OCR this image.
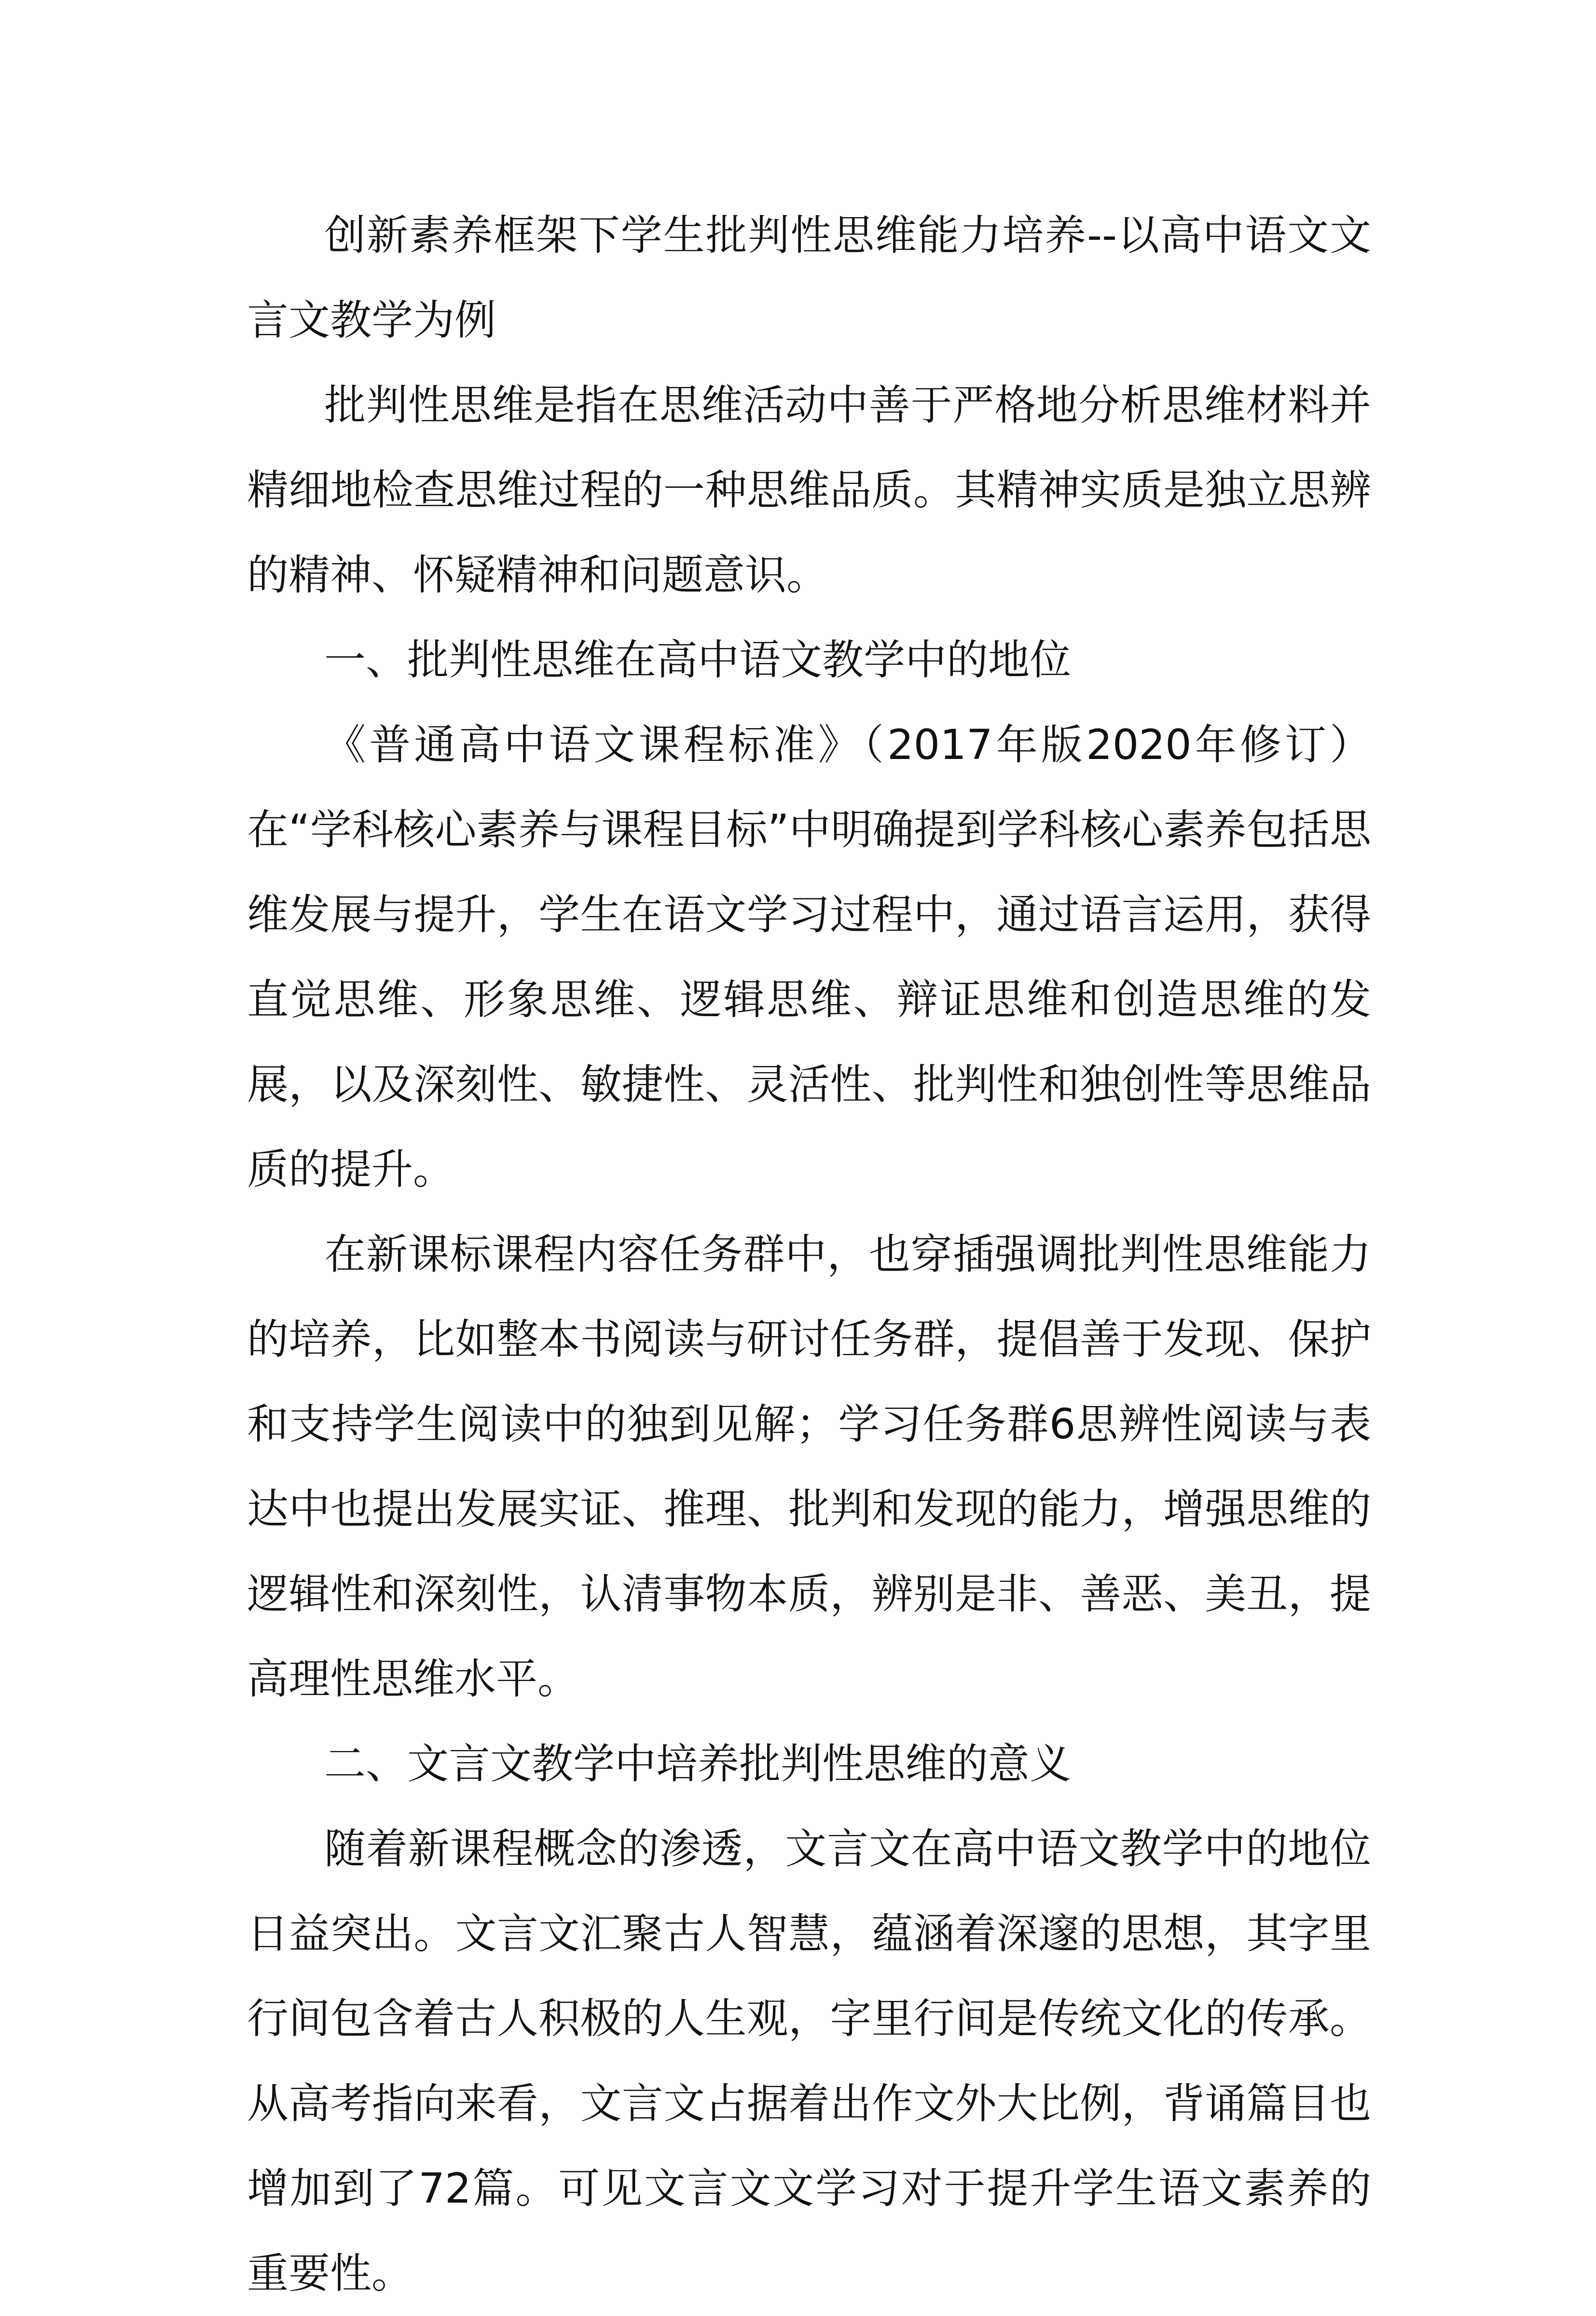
创新素养框架下学生批判性思维能力培养--以高中语文文言文教学为例

批判性思维是指在思维活动中善于严格地分析思维材料并精细地检查思维过程的一种思维品质。其精神实质是独立思辨的精神、怀疑精神和问题意识。

一、批判性思维在高中语文教学中的地位

《普通高中语文课程标准》（2017年版2020年修订）在“学科核心素养与课程目标”中明确提到学科核心素养包括思维发展与提升，学生在语文学习过程中，通过语言运用，获得直觉思维、形象思维、逻辑思维、辩证思维和创造思维的发展，以及深刻性、敏捷性、灵活性、批判性和独创性等思维品质的提升。

在新课标课程内容任务群中，也穿插强调批判性思维能力的培养，比如整本书阅读与研讨任务群，提倡善于发现、保护和支持学生阅读中的独到见解；学习任务群6思辨性阅读与表达中也提出发展实证、推理、批判和发现的能力，增强思维的逻辑性和深刻性，认清事物本质，辨别是非、善恶、美丑，提高理性思维水平。

二、文言文教学中培养批判性思维的意义

随着新课程概念的渗透，文言文在高中语文教学中的地位日益突出。文言文汇聚古人智慧，蕴涵着深邃的思想，其字里行间包含着古人积极的人生观，字里行间是传统文化的传承。从高考指向来看，文言文占据着出作文外大比例，背诵篇目也增加到了72篇。可见文言文文学习对于提升学生语文素养的重要性。
